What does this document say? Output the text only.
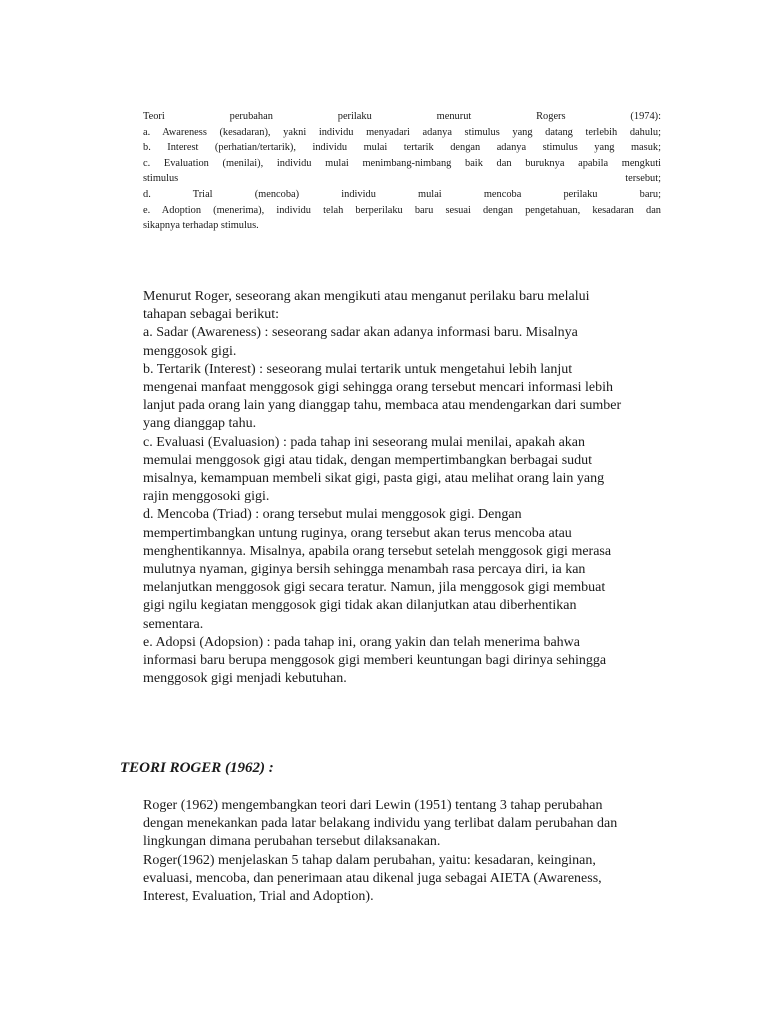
Teori perubahan perilaku menurut Rogers (1974):
a. Awareness (kesadaran), yakni individu menyadari adanya stimulus yang datang terlebih dahulu;
b. Interest (perhatian/tertarik), individu mulai tertarik dengan adanya stimulus yang masuk;
c. Evaluation (menilai), individu mulai menimbang-nimbang baik dan buruknya apabila mengkuti
stimulus tersebut;
d. Trial (mencoba) individu mulai mencoba perilaku baru;
e. Adoption (menerima), individu telah berperilaku baru sesuai dengan pengetahuan, kesadaran dan
sikapnya terhadap stimulus.
Menurut Roger, seseorang akan mengikuti atau menganut perilaku baru melalui
tahapan sebagai berikut:
a. Sadar (Awareness) : seseorang sadar akan adanya informasi baru. Misalnya
menggosok gigi.
b. Tertarik (Interest) : seseorang mulai tertarik untuk mengetahui lebih lanjut
mengenai manfaat menggosok gigi sehingga orang tersebut mencari informasi lebih
lanjut pada orang lain yang dianggap tahu, membaca atau mendengarkan dari sumber
yang dianggap tahu.
c. Evaluasi (Evaluasion) : pada tahap ini seseorang mulai menilai, apakah akan
memulai menggosok gigi atau tidak, dengan mempertimbangkan berbagai sudut
misalnya, kemampuan membeli sikat gigi, pasta gigi, atau melihat orang lain yang
rajin menggosoki gigi.
d. Mencoba (Triad) : orang tersebut mulai menggosok gigi. Dengan
mempertimbangkan untung ruginya, orang tersebut akan terus mencoba atau
menghentikannya. Misalnya, apabila orang tersebut setelah menggosok gigi merasa
mulutnya nyaman, giginya bersih sehingga menambah rasa percaya diri, ia kan
melanjutkan menggosok gigi secara teratur. Namun, jila menggosok gigi membuat
gigi ngilu kegiatan menggosok gigi tidak akan dilanjutkan atau diberhentikan
sementara.
e. Adopsi (Adopsion) : pada tahap ini, orang yakin dan telah menerima bahwa
informasi baru berupa menggosok gigi memberi keuntungan bagi dirinya sehingga
menggosok gigi menjadi kebutuhan.
TEORI ROGER (1962) :
Roger (1962) mengembangkan teori dari Lewin (1951) tentang 3 tahap perubahan
dengan menekankan pada latar belakang individu yang terlibat dalam perubahan dan
lingkungan dimana perubahan tersebut dilaksanakan.
Roger(1962) menjelaskan 5 tahap dalam perubahan, yaitu: kesadaran, keinginan,
evaluasi, mencoba, dan penerimaan atau dikenal juga sebagai AIETA (Awareness,
Interest, Evaluation, Trial and Adoption).
